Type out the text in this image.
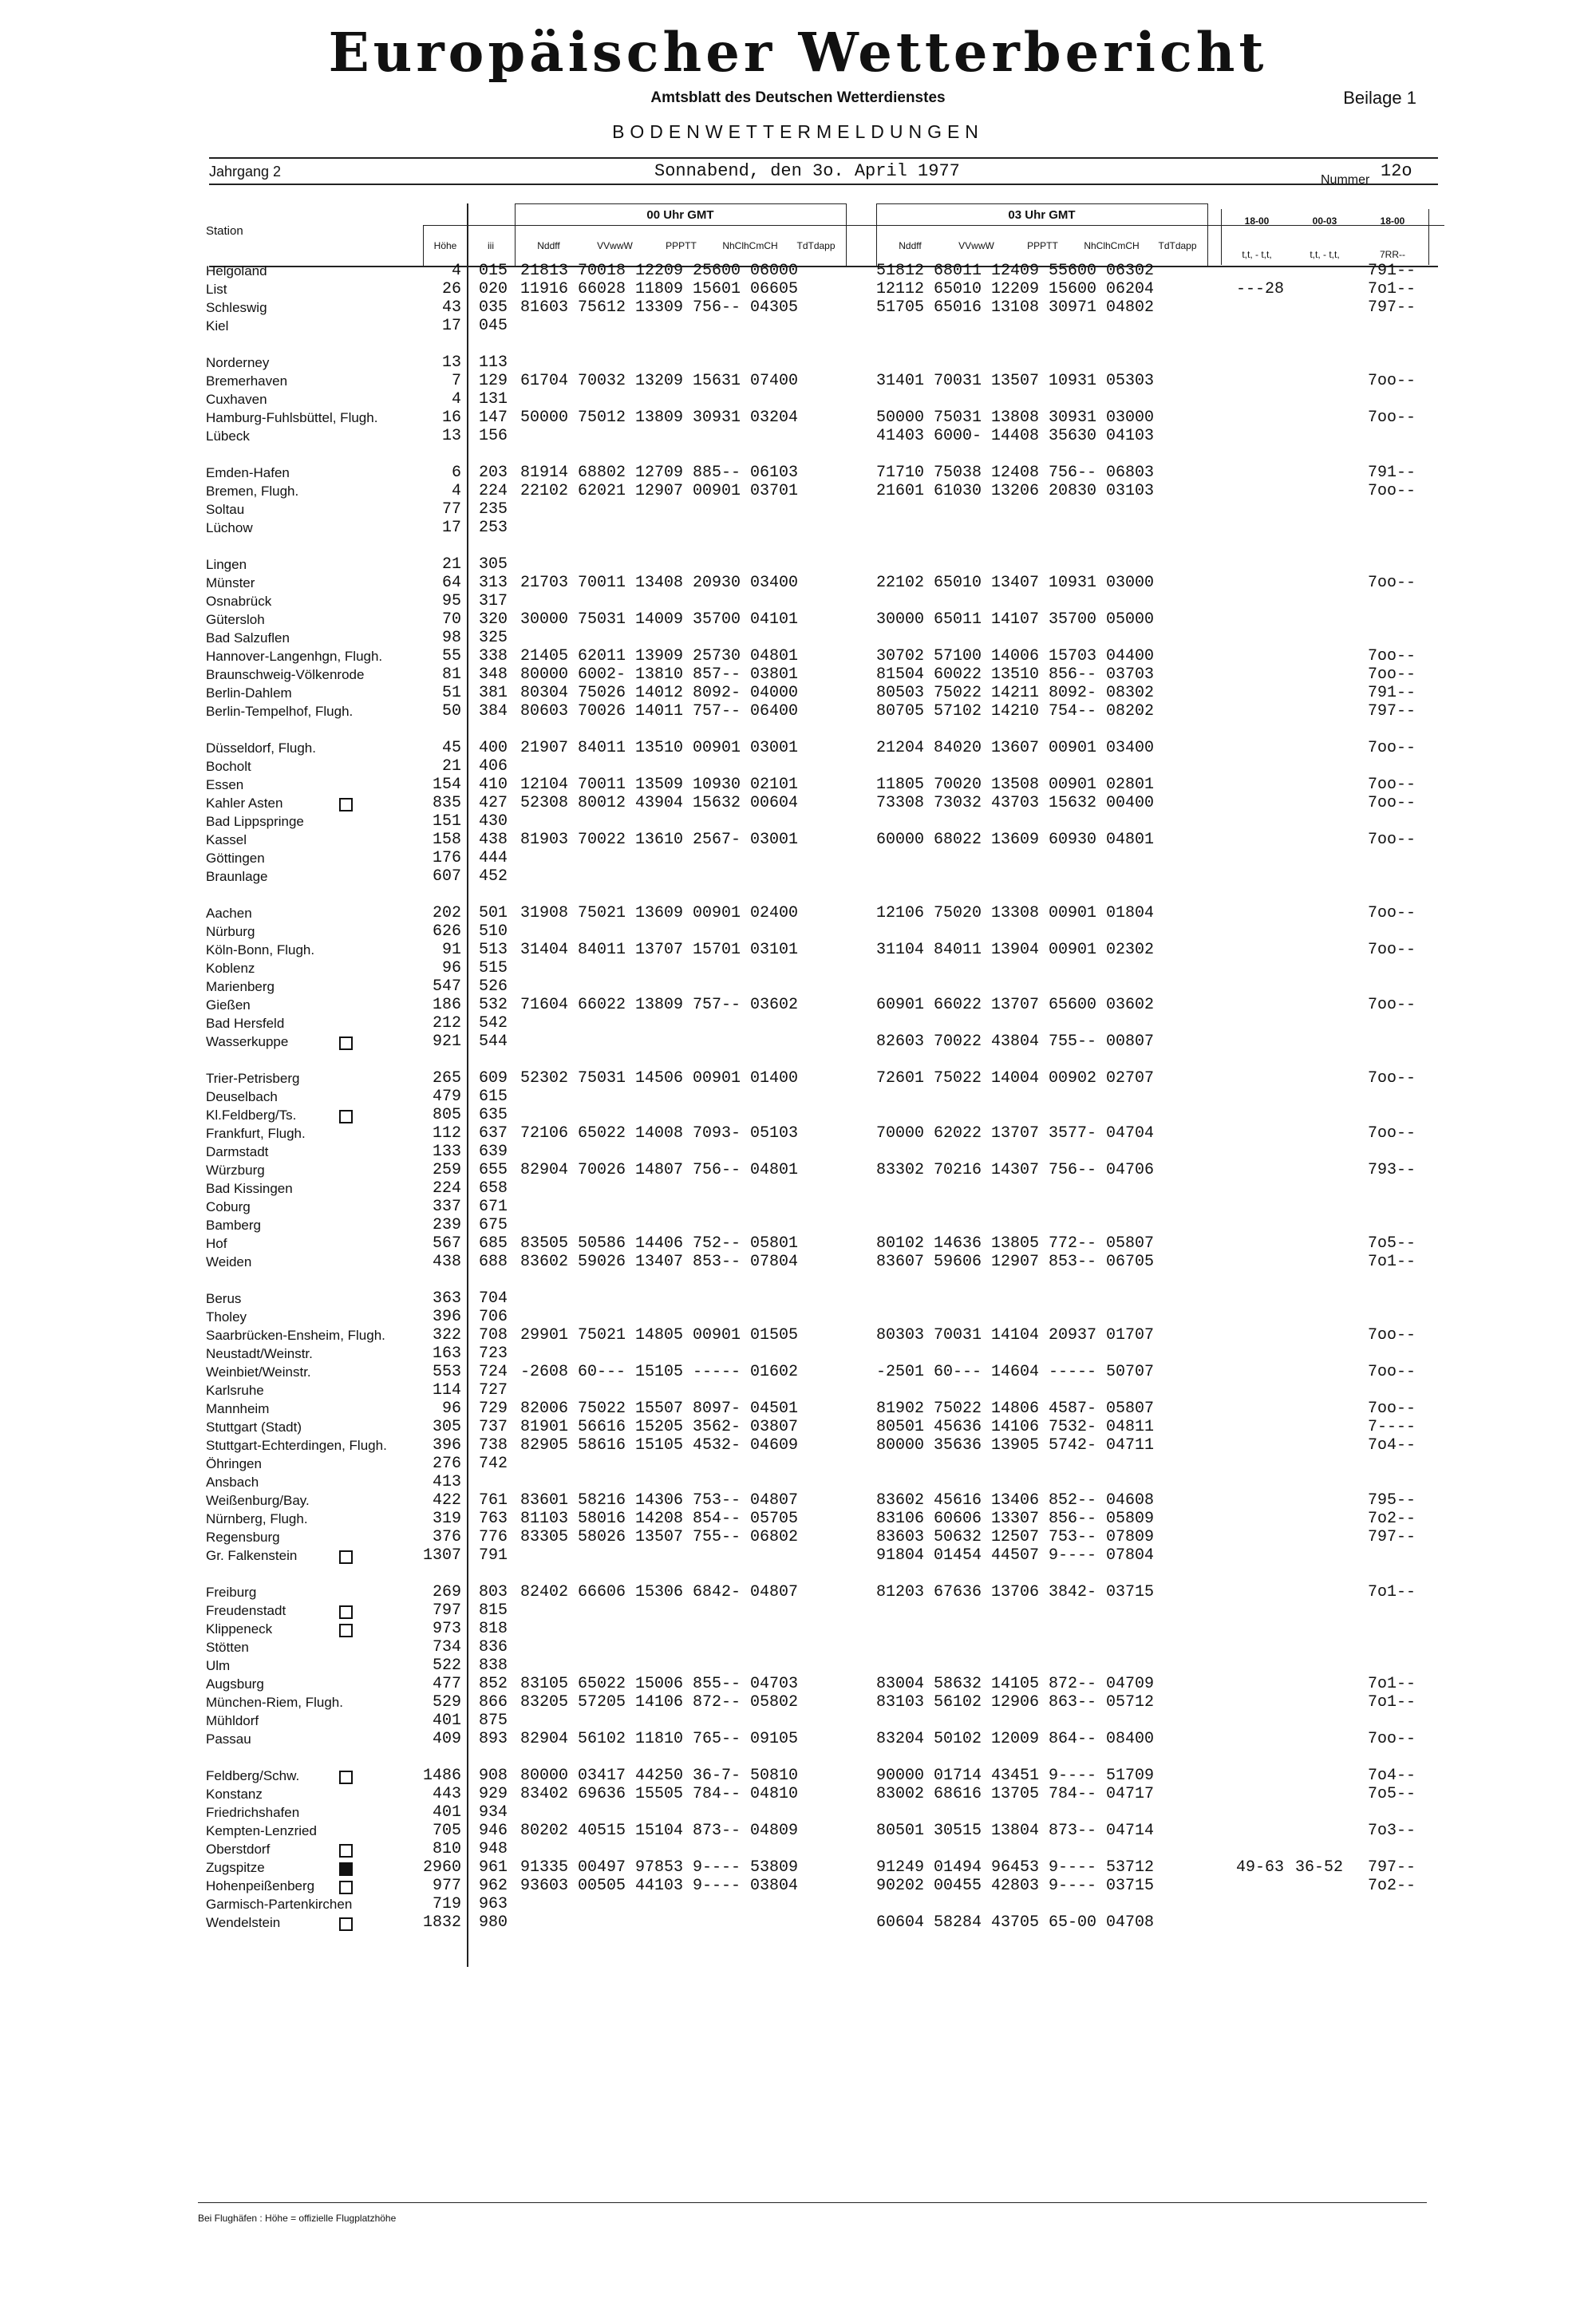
Europäischer Wetterbericht
Amtsblatt des Deutschen Wetterdienstes	Beilage 1
BODENWETTERMELDUNGEN
Jahrgang 2	Sonnabend, den 3o. April 1977	Nummer 12o
Station
Höhe	iii
00 Uhr GMT	03 Uhr GMT
Nddff	VVwwW	PPPTT	NhClhCmCH	TdTdapp	Nddff	VVwwW	PPPTT	NhClhCmCH	TdTdapp
18-00	00-03	18-00
t,t, - t,t,	t,t, - t,t,	7RR--
Helgoland	4 015 21813 70018 12209 25600 06000	51812 68011 12409 55600 06302	791--
List	26 020 11916 66028 11809 15601 06605	12112 65010 12209 15600 06204	---28	7o1--
Schleswig	43 035 81603 75612 13309 756-- 04305	51705 65016 13108 30971 04802	797--
Kiel	17 045
Norderney	13 113
Bremerhaven	7 129 61704 70032 13209 15631 07400	31401 70031 13507 10931 05303	7oo--
Cuxhaven	4 131
Hamburg-Fuhlsbüttel, Flugh.	16 147 50000 75012 13809 30931 03204	50000 75031 13808 30931 03000	7oo--
Lübeck	13 156	41403 6000- 14408 35630 04103
Emden-Hafen	6 203 81914 68802 12709 885-- 06103	71710 75038 12408 756-- 06803	791--
Bremen, Flugh.	4 224 22102 62021 12907 00901 03701	21601 61030 13206 20830 03103	7oo--
Soltau	77 235
Lüchow	17 253
Lingen	21 305
Münster	64 313 21703 70011 13408 20930 03400	22102 65010 13407 10931 03000	7oo--
Osnabrück	95 317
Gütersloh	70 320 30000 75031 14009 35700 04101	30000 65011 14107 35700 05000
Bad Salzuflen	98 325
Hannover-Langenhgn, Flugh.	55 338 21405 62011 13909 25730 04801	30702 57100 14006 15703 04400	7oo--
Braunschweig-Völkenrode	81 348 80000 6002- 13810 857-- 03801	81504 60022 13510 856-- 03703	7oo--
Berlin-Dahlem	51 381 80304 75026 14012 8092- 04000	80503 75022 14211 8092- 08302	791--
Berlin-Tempelhof, Flugh.	50 384 80603 70026 14011 757-- 06400	80705 57102 14210 754-- 08202	797--
Düsseldorf, Flugh.	45 400 21907 84011 13510 00901 03001	21204 84020 13607 00901 03400	7oo--
Bocholt	21 406
Essen	154 410 12104 70011 13509 10930 02101	11805 70020 13508 00901 02801	7oo--
Kahler Asten	835 427 52308 80012 43904 15632 00604	73308 73032 43703 15632 00400	7oo--
Bad Lippspringe	151 430
Kassel	158 438 81903 70022 13610 2567- 03001	60000 68022 13609 60930 04801	7oo--
Göttingen	176 444
Braunlage	607 452
Aachen	202 501 31908 75021 13609 00901 02400	12106 75020 13308 00901 01804	7oo--
Nürburg	626 510
Köln-Bonn, Flugh.	91 513 31404 84011 13707 15701 03101	31104 84011 13904 00901 02302	7oo--
Koblenz	96 515
Marienberg	547 526
Gießen	186 532 71604 66022 13809 757-- 03602	60901 66022 13707 65600 03602	7oo--
Bad Hersfeld	212 542
Wasserkuppe	921 544	82603 70022 43804 755-- 00807
Trier-Petrisberg	265 609 52302 75031 14506 00901 01400	72601 75022 14004 00902 02707	7oo--
Deuselbach	479 615
Kl.Feldberg/Ts.	805 635
Frankfurt, Flugh.	112 637 72106 65022 14008 7093- 05103	70000 62022 13707 3577- 04704	7oo--
Darmstadt	133 639
Würzburg	259 655 82904 70026 14807 756-- 04801	83302 70216 14307 756-- 04706	793--
Bad Kissingen	224 658
Coburg	337 671
Bamberg	239 675
Hof	567 685 83505 50586 14406 752-- 05801	80102 14636 13805 772-- 05807	7o5--
Weiden	438 688 83602 59026 13407 853-- 07804	83607 59606 12907 853-- 06705	7o1--
Berus	363 704
Tholey	396 706
Saarbrücken-Ensheim, Flugh.	322 708 29901 75021 14805 00901 01505	80303 70031 14104 20937 01707	7oo--
Neustadt/Weinstr.	163 723
Weinbiet/Weinstr.	553 724 -2608 60--- 15105 ----- 01602	-2501 60--- 14604 ----- 50707	7oo--
Karlsruhe	114 727
Mannheim	96 729 82006 75022 15507 8097- 04501	81902 75022 14806 4587- 05807	7oo--
Stuttgart (Stadt)	305 737 81901 56616 15205 3562- 03807	80501 45636 14106 7532- 04811	7----
Stuttgart-Echterdingen, Flugh.	396 738 82905 58616 15105 4532- 04609	80000 35636 13905 5742- 04711	7o4--
Öhringen	276 742
Ansbach	413
Weißenburg/Bay.	422 761 83601 58216 14306 753-- 04807	83602 45616 13406 852-- 04608	795--
Nürnberg, Flugh.	319 763 81103 58016 14208 854-- 05705	83106 60606 13307 856-- 05809	7o2--
Regensburg	376 776 83305 58026 13507 755-- 06802	83603 50632 12507 753-- 07809	797--
Gr. Falkenstein	1307 791	91804 01454 44507 9---- 07804
Freiburg	269 803 82402 66606 15306 6842- 04807	81203 67636 13706 3842- 03715	7o1--
Freudenstadt	797 815
Klippeneck	973 818
Stötten	734 836
Ulm	522 838
Augsburg	477 852 83105 65022 15006 855-- 04703	83004 58632 14105 872-- 04709	7o1--
München-Riem, Flugh.	529 866 83205 57205 14106 872-- 05802	83103 56102 12906 863-- 05712	7o1--
Mühldorf	401 875
Passau	409 893 82904 56102 11810 765-- 09105	83204 50102 12009 864-- 08400	7oo--
Feldberg/Schw.	1486 908 80000 03417 44250 36-7- 50810	90000 01714 43451 9---- 51709	7o4--
Konstanz	443 929 83402 69636 15505 784-- 04810	83002 68616 13705 784-- 04717	7o5--
Friedrichshafen	401 934
Kempten-Lenzried	705 946 80202 40515 15104 873-- 04809	80501 30515 13804 873-- 04714	7o3--
Oberstdorf	810 948
Zugspitze	2960 961 91335 00497 97853 9---- 53809	91249 01494 96453 9---- 53712	49-63 36-52 797--
Hohenpeißenberg	977 962 93603 00505 44103 9---- 03804	90202 00455 42803 9---- 03715	7o2--
Garmisch-Partenkirchen	719 963
Wendelstein	1832 980	60604 58284 43705 65-00 04708
Bei Flughäfen : Höhe = offizielle Flugplatzhöhe
